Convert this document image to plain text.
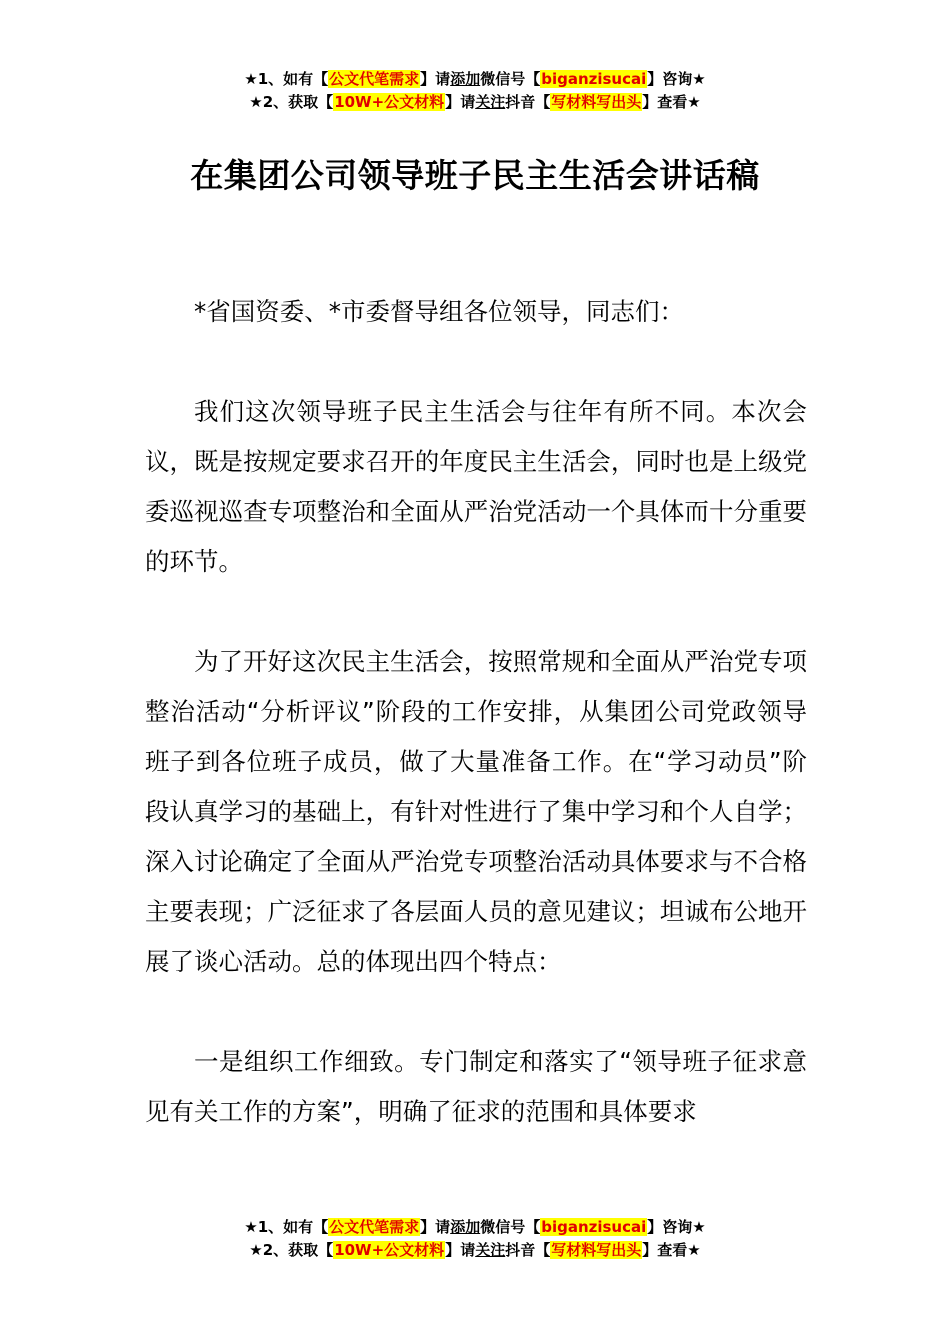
★1、如有【公文代笔需求】请添加微信号【biganzisucai】咨询★
★2、获取【10W+公文材料】请关注抖音【写材料写出头】查看★
在集团公司领导班子民主生活会讲话稿

*省国资委、*市委督导组各位领导，同志们：

我们这次领导班子民主生活会与往年有所不同。本次会议，既是按规定要求召开的年度民主生活会，同时也是上级党委巡视巡查专项整治和全面从严治党活动一个具体而十分重要的环节。

为了开好这次民主生活会，按照常规和全面从严治党专项整治活动“分析评议”阶段的工作安排，从集团公司党政领导班子到各位班子成员，做了大量准备工作。在“学习动员”阶段认真学习的基础上，有针对性进行了集中学习和个人自学；深入讨论确定了全面从严治党专项整治活动具体要求与不合格主要表现；广泛征求了各层面人员的意见建议；坦诚布公地开展了谈心活动。总的体现出四个特点：

一是组织工作细致。专门制定和落实了“领导班子征求意见有关工作的方案”，明确了征求的范围和具体要求

★1、如有【公文代笔需求】请添加微信号【biganzisucai】咨询★
★2、获取【10W+公文材料】请关注抖音【写材料写出头】查看★
